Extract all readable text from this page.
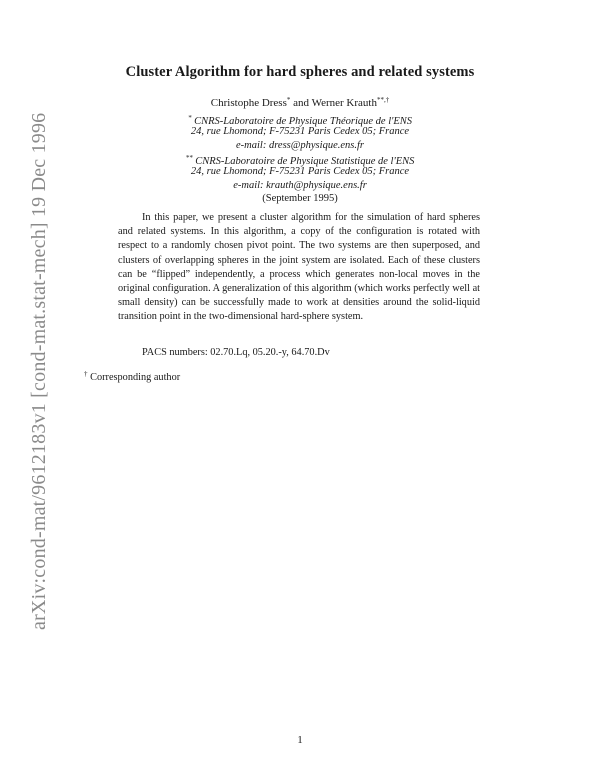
arXiv:cond-mat/9612183v1 [cond-mat.stat-mech] 19 Dec 1996
Cluster Algorithm for hard spheres and related systems
Christophe Dress* and Werner Krauth**,†
* CNRS-Laboratoire de Physique Théorique de l'ENS
24, rue Lhomond; F-75231 Paris Cedex 05; France
e-mail: dress@physique.ens.fr
** CNRS-Laboratoire de Physique Statistique de l'ENS
24, rue Lhomond; F-75231 Paris Cedex 05; France
e-mail: krauth@physique.ens.fr
(September 1995)

In this paper, we present a cluster algorithm for the simulation of hard spheres and related systems. In this algorithm, a copy of the configuration is rotated with respect to a randomly chosen pivot point. The two systems are then superposed, and clusters of overlapping spheres in the joint system are isolated. Each of these clusters can be “flipped” independently, a process which generates non-local moves in the original configuration. A generalization of this algorithm (which works perfectly well at small density) can be successfully made to work at densities around the solid-liquid transition point in the two-dimensional hard-sphere system.

PACS numbers: 02.70.Lq, 05.20.-y, 64.70.Dv
† Corresponding author
1
